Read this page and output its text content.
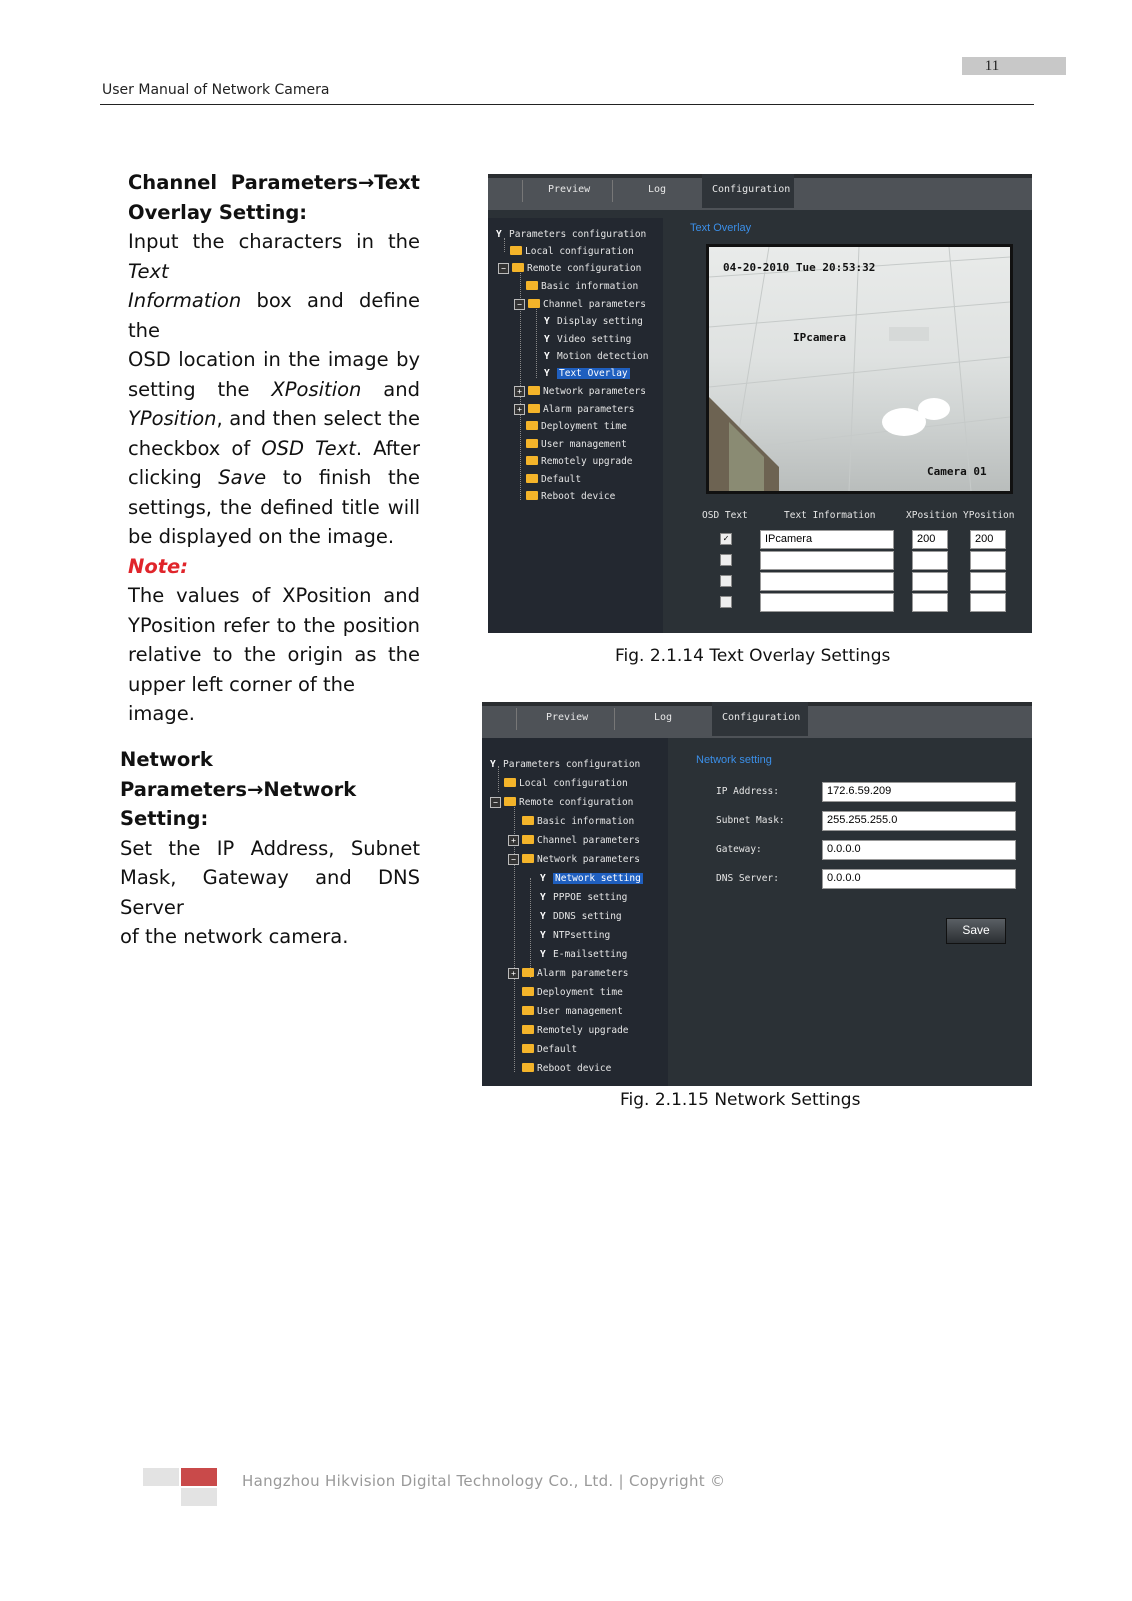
11
User Manual of Network Camera
Channel Parameters→Text
Overlay Setting:
Input the characters in the Text
Information box and define the
OSD location in the image by
setting the XPosition and
YPosition, and then select the
checkbox of OSD Text. After
clicking Save to finish the
settings, the defined title will
be displayed on the image.
Note:
The values of XPosition and
YPosition refer to the position
relative to the origin as the
upper left corner of the image.
Preview	Log	Configuration
Y Parameters configuration
Local configuration
− Remote configuration
Basic information
− Channel parameters
Y Display setting
Y Video setting
Y Motion detection
Y Text Overlay
+ Network parameters
+ Alarm parameters
Deployment time
User management
Remotely upgrade
Default
Reboot device
Text Overlay
04-20-2010 Tue 20:53:32
IPcamera
Camera 01
OSD Text	Text Information	XPosition YPosition
✓	IPcamera	200	200
Fig. 2.1.14 Text Overlay Settings
Network
Parameters→Network Setting:
Set the IP Address, Subnet
Mask, Gateway and DNS Server
of the network camera.
Preview	Log	Configuration
Y Parameters configuration
Local configuration
− Remote configuration
Basic information
+ Channel parameters
− Network parameters
Y Network setting
Y PPPOE setting
Y DDNS setting
Y NTPsetting
Y E-mailsetting
+ Alarm parameters
Deployment time
User management
Remotely upgrade
Default
Reboot device
Network setting
IP Address:	172.6.59.209
Subnet Mask:	255.255.255.0
Gateway:	0.0.0.0
DNS Server:	0.0.0.0
Save
Fig. 2.1.15 Network Settings
Hangzhou Hikvision Digital Technology Co., Ltd. | Copyright ©
